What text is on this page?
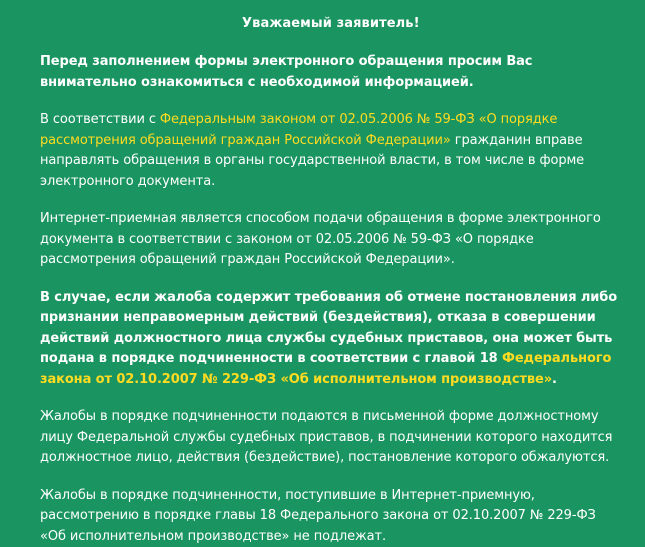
Уважаемый заявитель!

Перед заполнением формы электронного обращения просим Вас внимательно ознакомиться с необходимой информацией.

В соответствии с Федеральным законом от 02.05.2006 № 59-ФЗ «О порядке рассмотрения обращений граждан Российской Федерации» гражданин вправе направлять обращения в органы государственной власти, в том числе в форме электронного документа.

Интернет-приемная является способом подачи обращения в форме электронного документа в соответствии с законом от 02.05.2006 № 59-ФЗ «О порядке рассмотрения обращений граждан Российской Федерации».

В случае, если жалоба содержит требования об отмене постановления либо признании неправомерным действий (бездействия), отказа в совершении действий должностного лица службы судебных приставов, она может быть подана в порядке подчиненности в соответствии с главой 18 Федерального закона от 02.10.2007 № 229-ФЗ «Об исполнительном производстве».

Жалобы в порядке подчиненности подаются в письменной форме должностному лицу Федеральной службы судебных приставов, в подчинении которого находится должностное лицо, действия (бездействие), постановление которого обжалуются.

Жалобы в порядке подчиненности, поступившие в Интернет-приемную, рассмотрению в порядке главы 18 Федерального закона от 02.10.2007 № 229-ФЗ «Об исполнительном производстве» не подлежат.
